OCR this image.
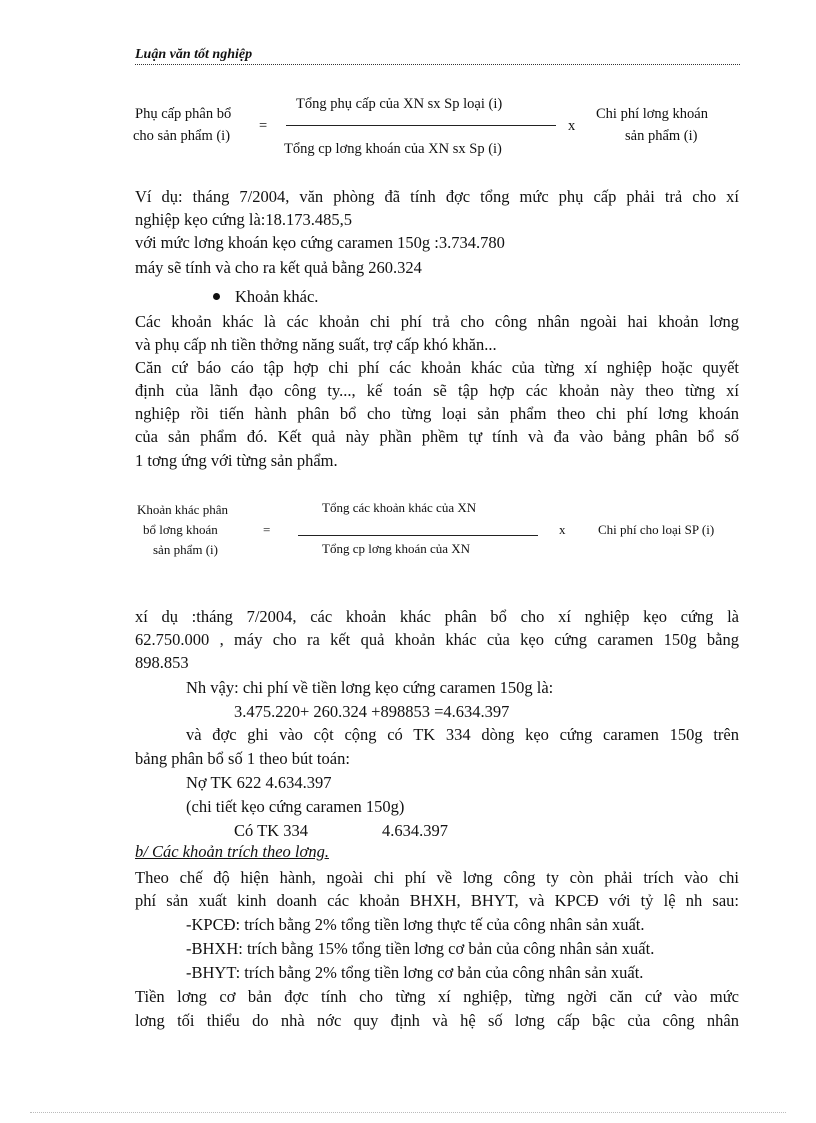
Luận văn tốt nghiệp
Phụ cấp phân bổ
cho sản phẩm (i)
=
Tổng phụ cấp của XN sx Sp loại (i)
Tổng cp lơng khoán của XN sx Sp (i)
x
Chi phí lơng khoán
sản phẩm (i)
Ví dụ: tháng 7/2004, văn phòng đã tính đợc tổng mức phụ cấp phải trả cho xí
nghiệp kẹo cứng là:18.173.485,5
với mức lơng khoán kẹo cứng caramen 150g :3.734.780
máy sẽ tính và cho ra kết quả bằng 260.324
Khoản khác.
Các khoản khác là các khoản chi phí trả cho công nhân ngoài hai khoản lơng
và phụ cấp nh tiền thởng năng suất, trợ cấp khó khăn...
Căn cứ báo cáo tập hợp chi phí các khoản khác của từng xí nghiệp hoặc quyết
định của lãnh đạo công ty..., kế toán sẽ tập hợp các khoản này theo từng xí
nghiệp rồi tiến hành phân bổ cho từng loại sản phẩm theo chi phí lơng khoán
của sản phẩm đó. Kết quả này phần phềm tự tính và đa vào bảng phân bổ số
1 tơng ứng với từng sản phẩm.
Khoản khác phân
bổ lơng khoán
sản phẩm (i)
=
Tổng các khoản khác của XN
Tổng cp lơng khoán của XN
x	Chi phí cho loại SP (i)
xí dụ :tháng 7/2004, các khoản khác phân bổ cho xí nghiệp kẹo cứng là
62.750.000 , máy cho ra kết quả khoản khác của kẹo cứng caramen 150g bằng
898.853
Nh vậy: chi phí về tiền lơng kẹo cứng caramen 150g là:
3.475.220+ 260.324 +898853 =4.634.397
và đợc ghi vào cột cộng có TK 334 dòng kẹo cứng caramen 150g trên
bảng phân bổ số 1 theo bút toán:
Nợ TK 622 4.634.397
(chi tiết kẹo cứng caramen 150g)
Có TK 334	4.634.397
b/ Các khoản trích theo lơng.
Theo chế độ hiện hành, ngoài chi phí về lơng công ty còn phải trích vào chi
phí sản xuất kinh doanh các khoản BHXH, BHYT, và KPCĐ với tỷ lệ nh sau:
-KPCĐ: trích bằng 2% tổng tiền lơng thực tế của công nhân sản xuất.
-BHXH: trích bằng 15% tổng tiền lơng cơ bản của công nhân sản xuất.
-BHYT: trích bằng 2% tổng tiền lơng cơ bản của công nhân sản xuất.
Tiền lơng cơ bản đợc tính cho từng xí nghiệp, từng ngời căn cứ vào mức
lơng tối thiểu do nhà nớc quy định và hệ số lơng cấp bậc của công nhân
